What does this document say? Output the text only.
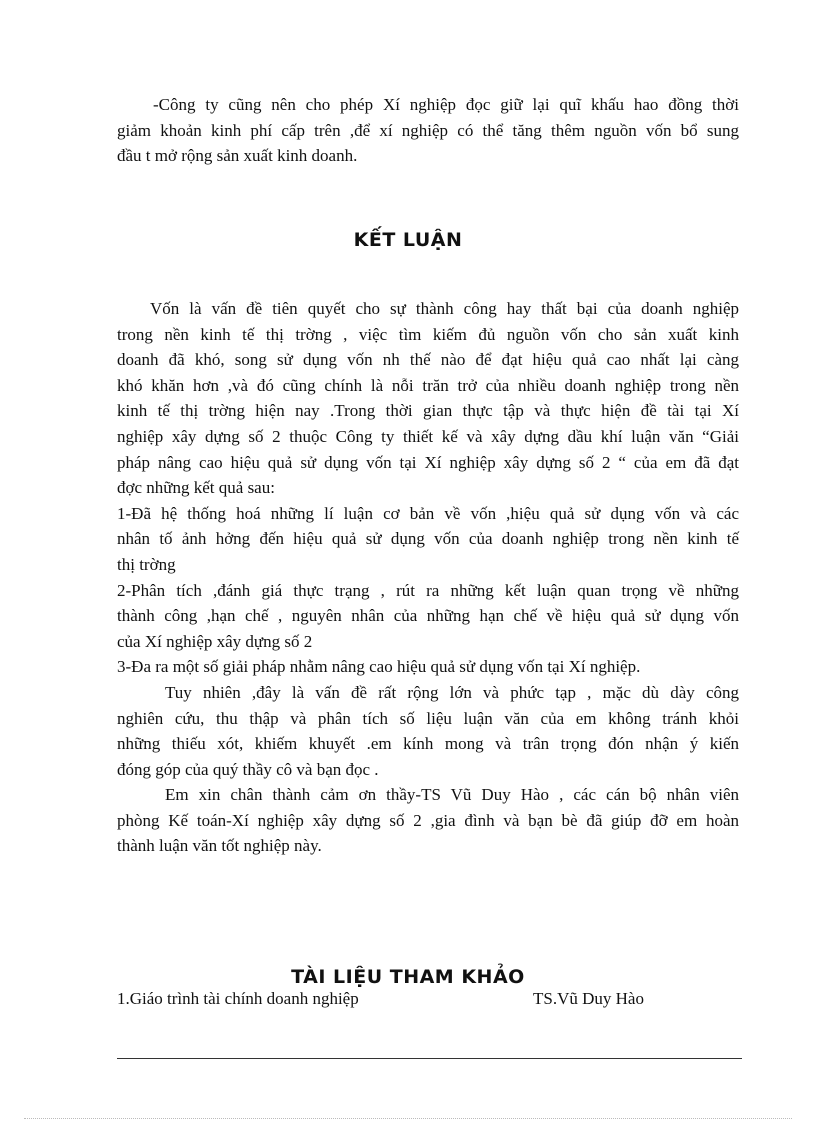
-Công ty cũng nên cho phép Xí nghiệp đọc giữ lại quĩ khấu hao đồng thời
giảm khoản kinh phí cấp trên ,để xí nghiệp có thể tăng thêm nguồn vốn bổ sung
đầu t mở rộng sản xuất kinh doanh.
KẾT LUẬN
Vốn là vấn đề tiên quyết cho sự thành công hay thất bại của doanh nghiệp
trong nền kinh tế thị trờng , việc tìm kiếm đủ nguồn vốn cho sản xuất kinh
doanh đã khó, song sử dụng vốn nh thế nào để đạt hiệu quả cao nhất lại càng
khó khăn hơn ,và đó cũng chính là nỗi trăn trở của nhiều doanh nghiệp trong nền
kinh tế thị trờng hiện nay .Trong thời gian thực tập và thực hiện đề tài tại Xí
nghiệp xây dựng số 2 thuộc Công ty thiết kế và xây dựng dầu khí luận văn “Giải
pháp nâng cao hiệu quả sử dụng vốn tại Xí nghiệp xây dựng số 2 “ của em đã đạt
đợc những kết quả sau:
1-Đã hệ thống hoá những lí luận cơ bản về vốn ,hiệu quả sử dụng vốn và các
nhân tố ảnh hởng đến hiệu quả sử dụng vốn của doanh nghiệp trong nền kinh tế
thị trờng
2-Phân tích ,đánh giá thực trạng , rút ra những kết luận quan trọng về những
thành công ,hạn chế , nguyên nhân của những hạn chế về hiệu quả sử dụng vốn
của Xí nghiệp xây dựng số 2
3-Đa ra một số giải pháp nhằm nâng cao hiệu quả sử dụng vốn tại Xí nghiệp.
Tuy nhiên ,đây là vấn đề rất rộng lớn và phức tạp , mặc dù dày công
nghiên cứu, thu thập và phân tích số liệu luận văn của em không tránh khỏi
những thiếu xót, khiếm khuyết .em kính mong và trân trọng đón nhận ý kiến
đóng góp của quý thầy cô và bạn đọc .
Em xin chân thành cảm ơn thầy-TS Vũ Duy Hào , các cán bộ nhân viên
phòng Kế toán-Xí nghiệp xây dựng số 2 ,gia đình và bạn bè đã giúp đỡ em hoàn
thành luận văn tốt nghiệp này.
TÀI LIỆU THAM KHẢO
1.Giáo trình tài chính doanh nghiệp	TS.Vũ Duy Hào
